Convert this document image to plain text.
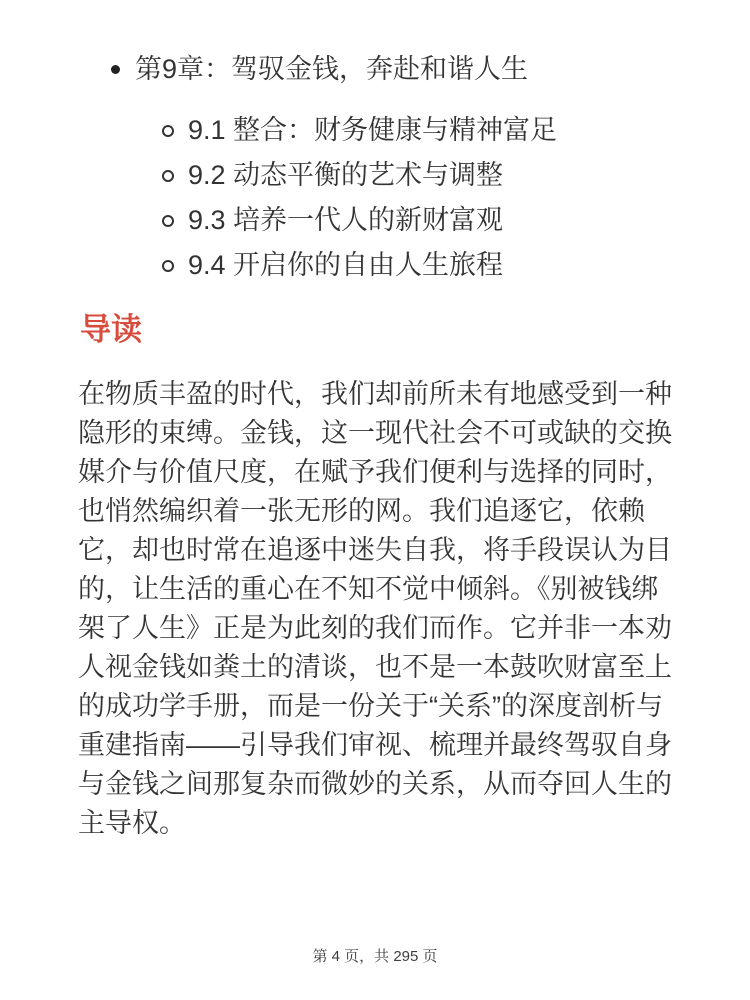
第9章：驾驭金钱，奔赴和谐人生
9.1 整合：财务健康与精神富足
9.2 动态平衡的艺术与调整
9.3 培养一代人的新财富观
9.4 开启你的自由人生旅程
导读

在物质丰盈的时代，我们却前所未有地感受到一种隐形的束缚。金钱，这一现代社会不可或缺的交换媒介与价值尺度，在赋予我们便利与选择的同时，也悄然编织着一张无形的网。我们追逐它，依赖它，却也时常在追逐中迷失自我，将手段误认为目的，让生活的重心在不知不觉中倾斜。《别被钱绑架了人生》正是为此刻的我们而作。它并非一本劝人视金钱如粪土的清谈，也不是一本鼓吹财富至上的成功学手册，而是一份关于“关系”的深度剖析与重建指南——引导我们审视、梳理并最终驾驭自身与金钱之间那复杂而微妙的关系，从而夺回人生的主导权。

第 4 页，共 295 页
